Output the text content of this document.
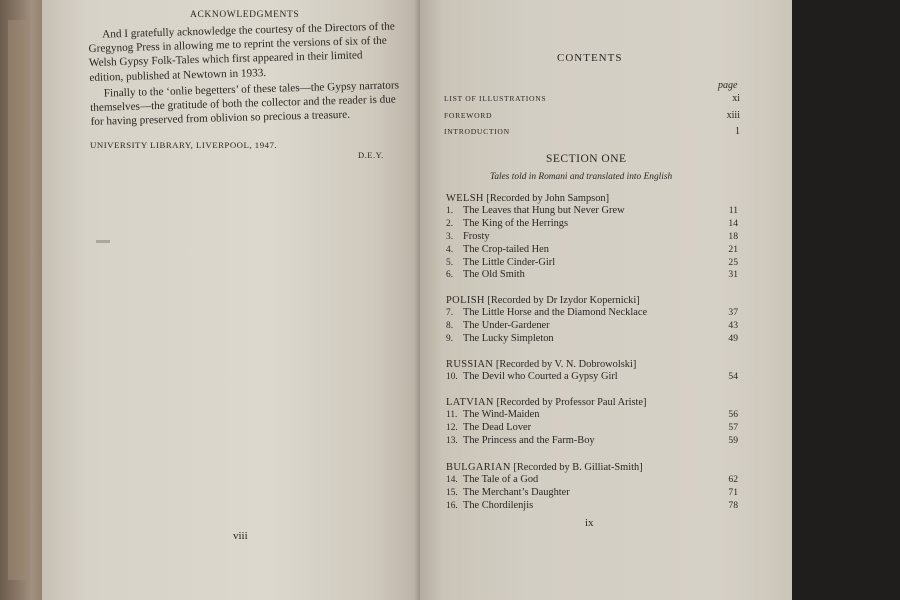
ACKNOWLEDGMENTS

And I gratefully acknowledge the courtesy of the Directors of the Gregynog Press in allowing me to reprint the versions of six of the Welsh Gypsy Folk-Tales which first appeared in their limited edition, published at Newtown in 1933.

Finally to the ‘onlie begetters’ of these tales—the Gypsy narrators themselves—the gratitude of both the collector and the reader is due for having preserved from oblivion so precious a treasure.

UNIVERSITY LIBRARY, LIVERPOOL, 1947.
D.E.Y.
viii
CONTENTS
page
LIST OF ILLUSTRATIONS	xi
FOREWORD	xiii
INTRODUCTION	1
SECTION ONE
Tales told in Romani and translated into English
WELSH [Recorded by John Sampson]
1. The Leaves that Hung but Never Grew	11
2. The King of the Herrings	14
3. Frosty	18
4. The Crop-tailed Hen	21
5. The Little Cinder-Girl	25
6. The Old Smith	31
POLISH [Recorded by Dr Izydor Kopernicki]
7. The Little Horse and the Diamond Necklace	37
8. The Under-Gardener	43
9. The Lucky Simpleton	49
RUSSIAN [Recorded by V. N. Dobrowolski]
10. The Devil who Courted a Gypsy Girl	54
LATVIAN [Recorded by Professor Paul Ariste]
11. The Wind-Maiden	56
12. The Dead Lover	57
13. The Princess and the Farm-Boy	59
BULGARIAN [Recorded by B. Gilliat-Smith]
14. The Tale of a God	62
15. The Merchant’s Daughter	71
16. The Chordilenjis	78
ix
